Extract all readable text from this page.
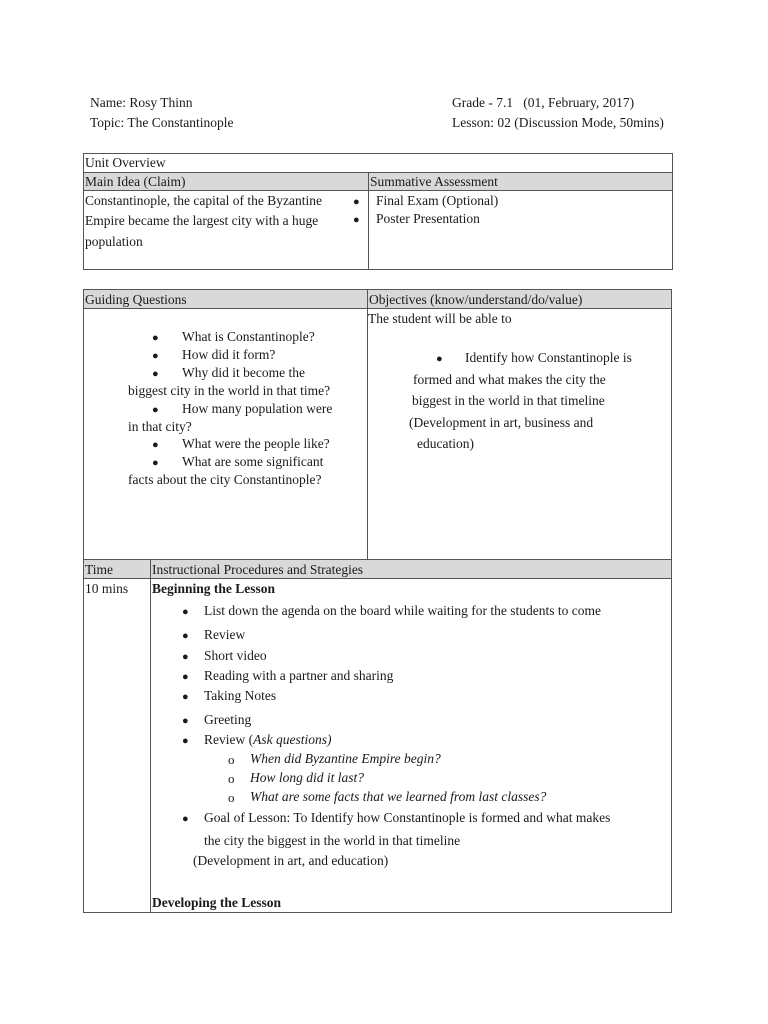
Name: Rosy Thinn
Topic: The Constantinople
Grade - 7.1   (01, February, 2017)
Lesson: 02 (Discussion Mode, 50mins)
Unit Overview
Main Idea (Claim)	Summative Assessment
Constantinople, the capital of the Byzantine
Empire became the largest city with a huge
population
●
●
Final Exam (Optional)
Poster Presentation
Guiding Questions	Objectives (know/understand/do/value)
● What is Constantinople?
● How did it form?
● Why did it become the
biggest city in the world in that time?
● How many population were
in that city?
● What were the people like?
● What are some significant
facts about the city Constantinople?
The student will be able to
● Identify how Constantinople is
formed and what makes the city the
biggest in the world in that timeline
(Development in art, business and
education)
Time	Instructional Procedures and Strategies
10 mins Beginning the Lesson
● List down the agenda on the board while waiting for the students to come
● Review
● Short video
● Reading with a partner and sharing
● Taking Notes
● Greeting
● Review (Ask questions)
o When did Byzantine Empire begin?
o How long did it last?
o What are some facts that we learned from last classes?
● Goal of Lesson: To Identify how Constantinople is formed and what makes
the city the biggest in the world in that timeline
(Development in art, and education)
Developing the Lesson
